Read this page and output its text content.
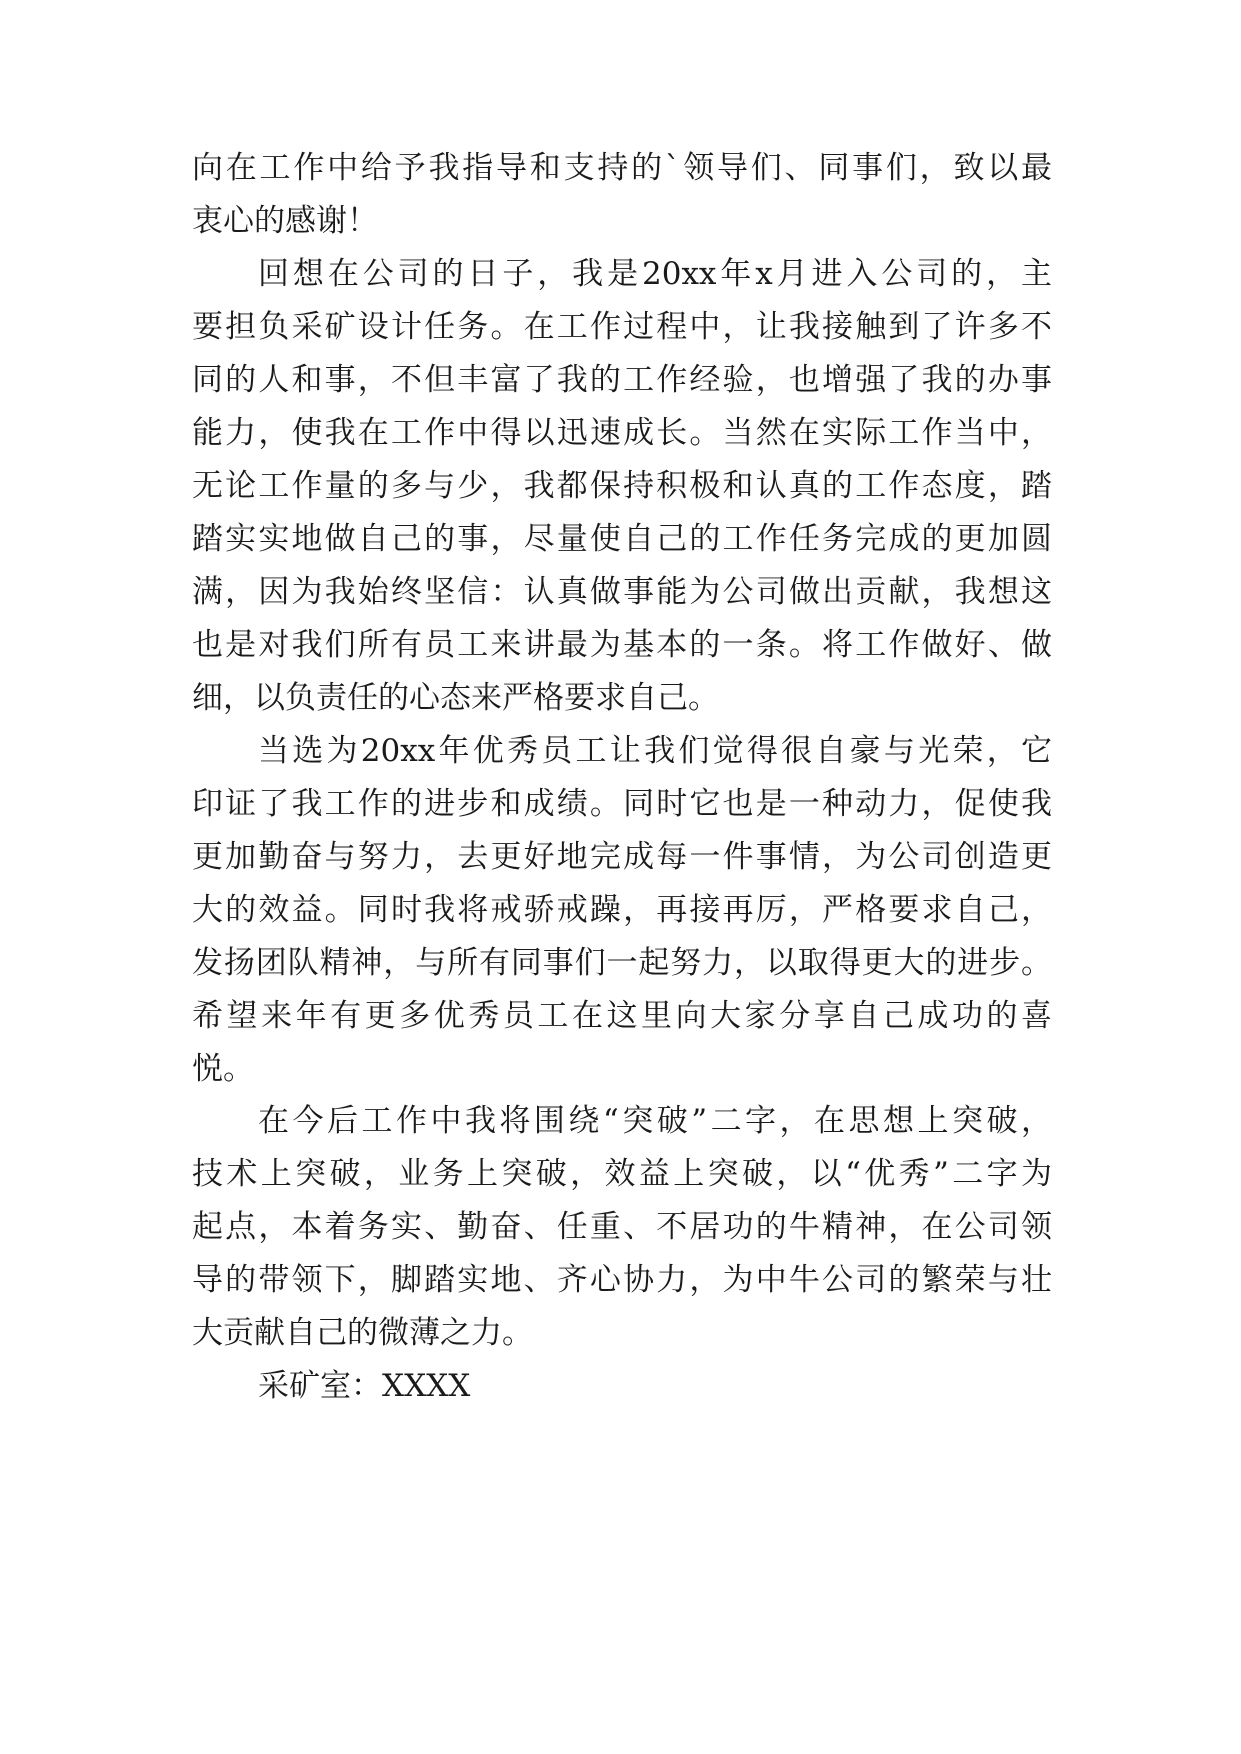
向在工作中给予我指导和支持的`领导们、同事们，致以最
衷心的感谢！
回想在公司的日子，我是20xx年x月进入公司的，主
要担负采矿设计任务。在工作过程中，让我接触到了许多不
同的人和事，不但丰富了我的工作经验，也增强了我的办事
能力，使我在工作中得以迅速成长。当然在实际工作当中，
无论工作量的多与少，我都保持积极和认真的工作态度，踏
踏实实地做自己的事，尽量使自己的工作任务完成的更加圆
满，因为我始终坚信：认真做事能为公司做出贡献，我想这
也是对我们所有员工来讲最为基本的一条。将工作做好、做
细，以负责任的心态来严格要求自己。
当选为20xx年优秀员工让我们觉得很自豪与光荣，它
印证了我工作的进步和成绩。同时它也是一种动力，促使我
更加勤奋与努力，去更好地完成每一件事情，为公司创造更
大的效益。同时我将戒骄戒躁，再接再厉，严格要求自己，
发扬团队精神，与所有同事们一起努力，以取得更大的进步。
希望来年有更多优秀员工在这里向大家分享自己成功的喜
悦。
在今后工作中我将围绕“突破”二字，在思想上突破，
技术上突破，业务上突破，效益上突破，以“优秀”二字为
起点，本着务实、勤奋、任重、不居功的牛精神，在公司领
导的带领下，脚踏实地、齐心协力，为中牛公司的繁荣与壮
大贡献自己的微薄之力。
采矿室：XXXX
